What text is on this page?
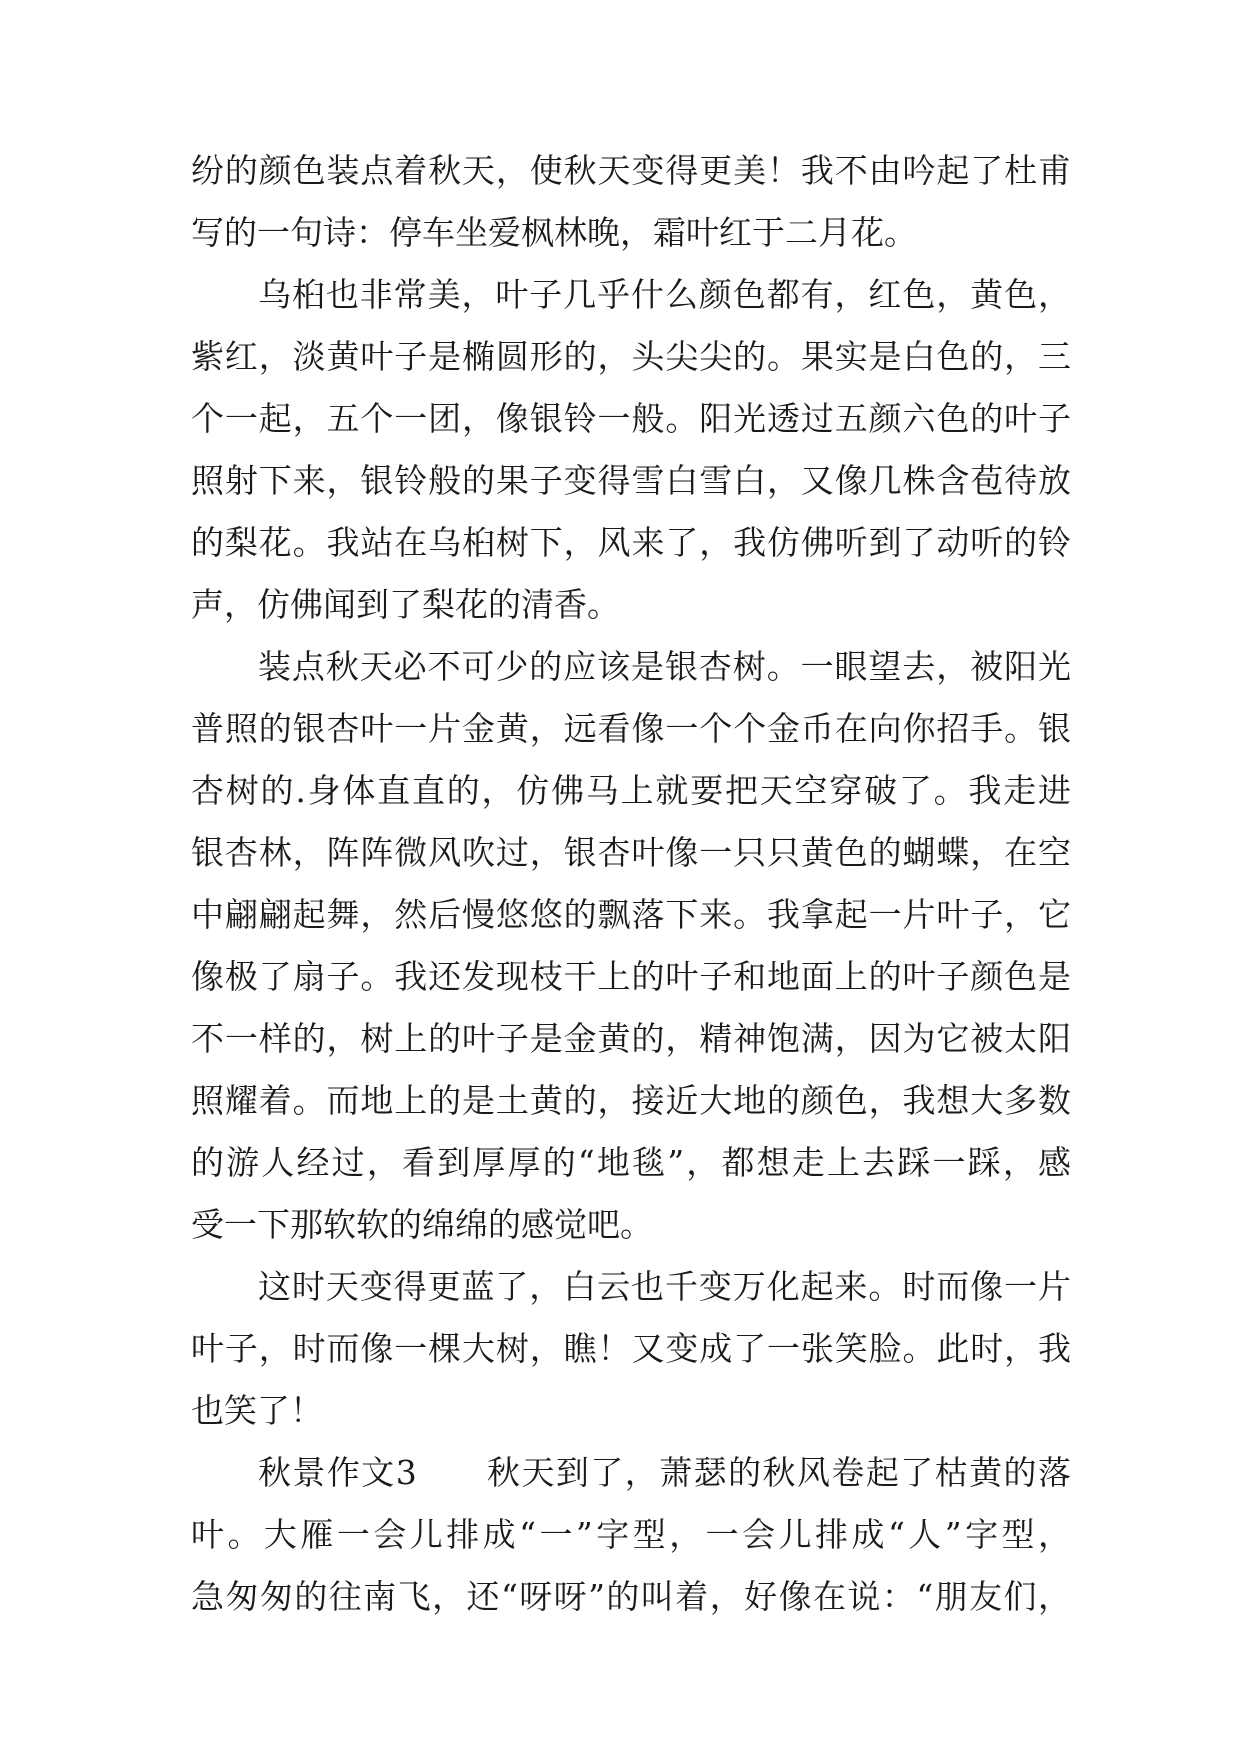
纷的颜色装点着秋天，使秋天变得更美！我不由吟起了杜甫
写的一句诗：停车坐爱枫林晚，霜叶红于二月花。
乌桕也非常美，叶子几乎什么颜色都有，红色，黄色，
紫红，淡黄叶子是椭圆形的，头尖尖的。果实是白色的，三
个一起，五个一团，像银铃一般。阳光透过五颜六色的叶子
照射下来，银铃般的果子变得雪白雪白，又像几株含苞待放
的梨花。我站在乌桕树下，风来了，我仿佛听到了动听的铃
声，仿佛闻到了梨花的清香。
装点秋天必不可少的应该是银杏树。一眼望去，被阳光
普照的银杏叶一片金黄，远看像一个个金币在向你招手。银
杏树的.身体直直的，仿佛马上就要把天空穿破了。我走进
银杏林，阵阵微风吹过，银杏叶像一只只黄色的蝴蝶，在空
中翩翩起舞，然后慢悠悠的飘落下来。我拿起一片叶子，它
像极了扇子。我还发现枝干上的叶子和地面上的叶子颜色是
不一样的，树上的叶子是金黄的，精神饱满，因为它被太阳
照耀着。而地上的是土黄的，接近大地的颜色，我想大多数
的游人经过，看到厚厚的“地毯”，都想走上去踩一踩，感
受一下那软软的绵绵的感觉吧。
这时天变得更蓝了，白云也千变万化起来。时而像一片
叶子，时而像一棵大树，瞧！又变成了一张笑脸。此时，我
也笑了！
秋景作文3　　秋天到了，萧瑟的秋风卷起了枯黄的落
叶。大雁一会儿排成“一”字型，一会儿排成“人”字型，
急匆匆的往南飞，还“呀呀”的叫着，好像在说：“朋友们，
